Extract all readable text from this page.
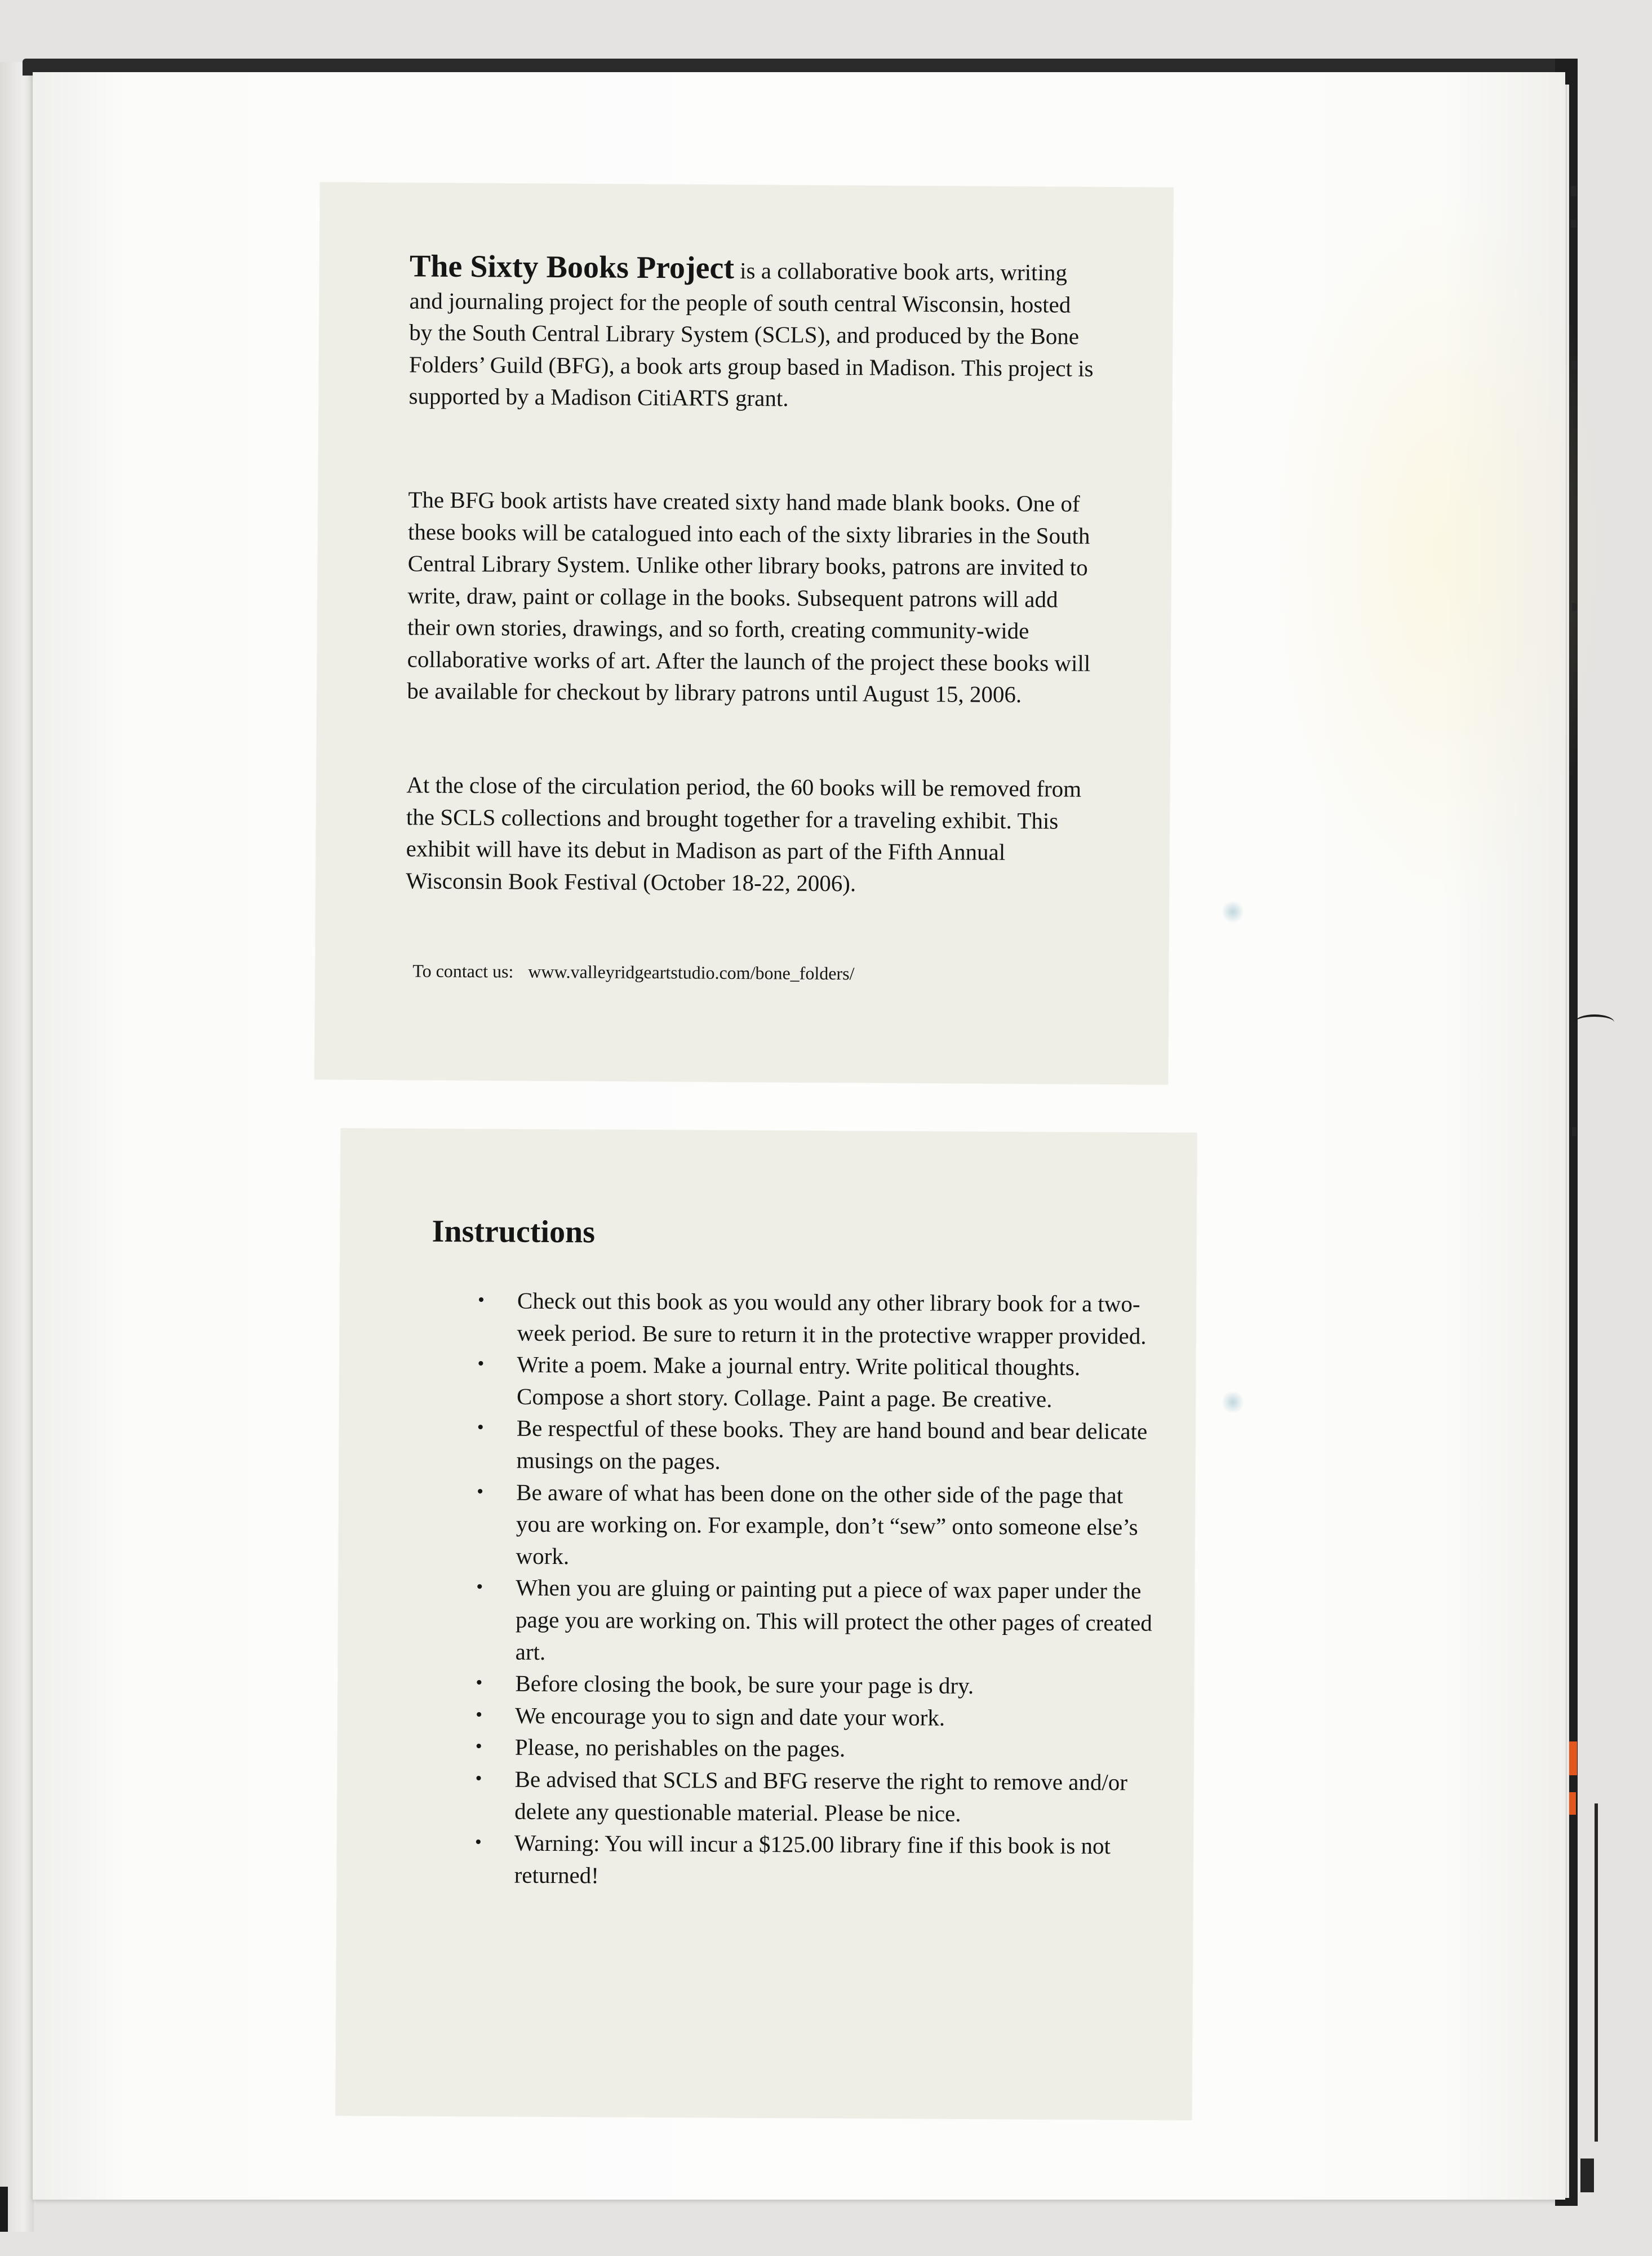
The Sixty Books Project is a collaborative book arts, writing and journaling project for the people of south central Wisconsin, hosted by the South Central Library System (SCLS), and produced by the Bone Folders’ Guild (BFG), a book arts group based in Madison. This project is supported by a Madison CitiARTS grant.

The BFG book artists have created sixty hand made blank books. One of these books will be catalogued into each of the sixty libraries in the South Central Library System. Unlike other library books, patrons are invited to write, draw, paint or collage in the books. Subsequent patrons will add their own stories, drawings, and so forth, creating community-wide collaborative works of art. After the launch of the project these books will be available for checkout by library patrons until August 15, 2006.

At the close of the circulation period, the 60 books will be removed from the SCLS collections and brought together for a traveling exhibit. This exhibit will have its debut in Madison as part of the Fifth Annual Wisconsin Book Festival (October 18-22, 2006).

To contact us: www.valleyridgeartstudio.com/bone_folders/
Instructions
• Check out this book as you would any other library book for a two-week period. Be sure to return it in the protective wrapper provided.
• Write a poem. Make a journal entry. Write political thoughts. Compose a short story. Collage. Paint a page. Be creative.
• Be respectful of these books. They are hand bound and bear delicate musings on the pages.
• Be aware of what has been done on the other side of the page that you are working on. For example, don’t “sew” onto someone else’s work.
• When you are gluing or painting put a piece of wax paper under the page you are working on. This will protect the other pages of created art.
• Before closing the book, be sure your page is dry.
• We encourage you to sign and date your work.
• Please, no perishables on the pages.
• Be advised that SCLS and BFG reserve the right to remove and/or delete any questionable material. Please be nice.
• Warning: You will incur a $125.00 library fine if this book is not returned!
